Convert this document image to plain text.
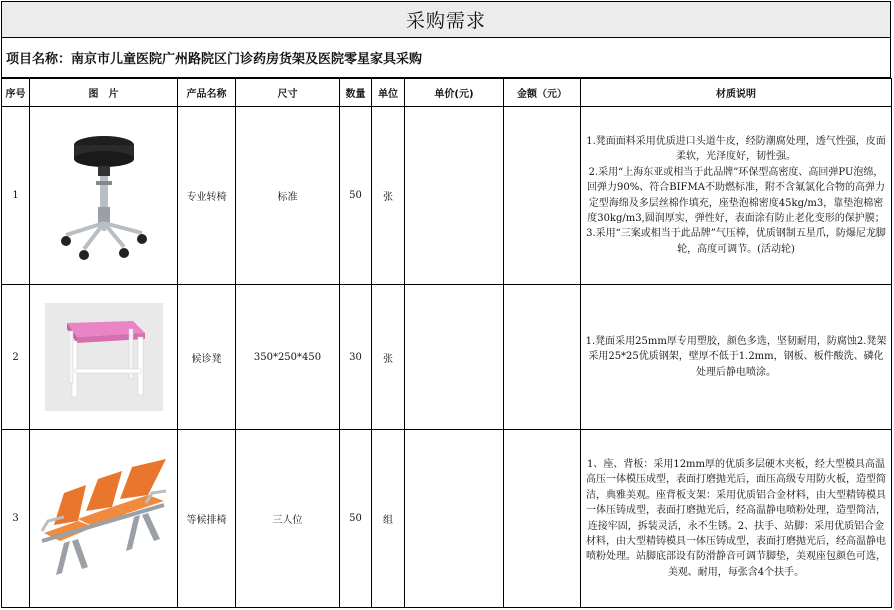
采购需求
项目名称：南京市儿童医院广州路院区门诊药房货架及医院零星家具采购
序号	图　片	产品名称	尺寸	数量	单位	单价(元)	金额（元）	材质说明
1		专业转椅	标准	50	张			1.凳面面料采用优质进口头道牛皮，经防潮腐处理，透气性强，皮面柔软，光泽度好，韧性强。
2.采用“上海东亚或相当于此品牌”环保型高密度、高回弹PU泡绵，回弹力90%、符合BIFMA不助燃标准，附不含氟氯化合物的高弹力定型海绵及多层丝棉作填充，座垫泡棉密度45kg/m3，靠垫泡棉密度30kg/m3,圆润厚实，弹性好，表面涂有防止老化变形的保护膜；
3.采用“三案或相当于此品牌”气压棒，优质钢制五星爪，防爆尼龙脚轮，高度可调节。(活动轮)

2		候诊凳	350*250*450	30	张			1.凳面采用25mm厚专用塑胶，颜色多选，坚韧耐用，防腐蚀2.凳架采用25*25优质钢架，壁厚不低于1.2mm，钢板、板件酸洗、磷化处理后静电喷涂。

3		等候排椅	三人位	50	组			1、座、背板：采用12mm厚的优质多层硬木夹板，经大型模具高温高压一体模压成型，表面打磨抛光后，面压高级专用防火板，造型简洁，典雅美观。座背板支架：采用优质铝合金材料，由大型精铸模具一体压铸成型，表面打磨抛光后，经高温静电喷粉处理，造型简洁，连接牢固，拆装灵活，永不生锈。2、扶手、站脚：采用优质铝合金材料，由大型精铸模具一体压铸成型，表面打磨抛光后，经高温静电喷粉处理。站脚底部设有防滑静音可调节脚垫，美观座包颜色可选，美观、耐用，每张含4个扶手。
